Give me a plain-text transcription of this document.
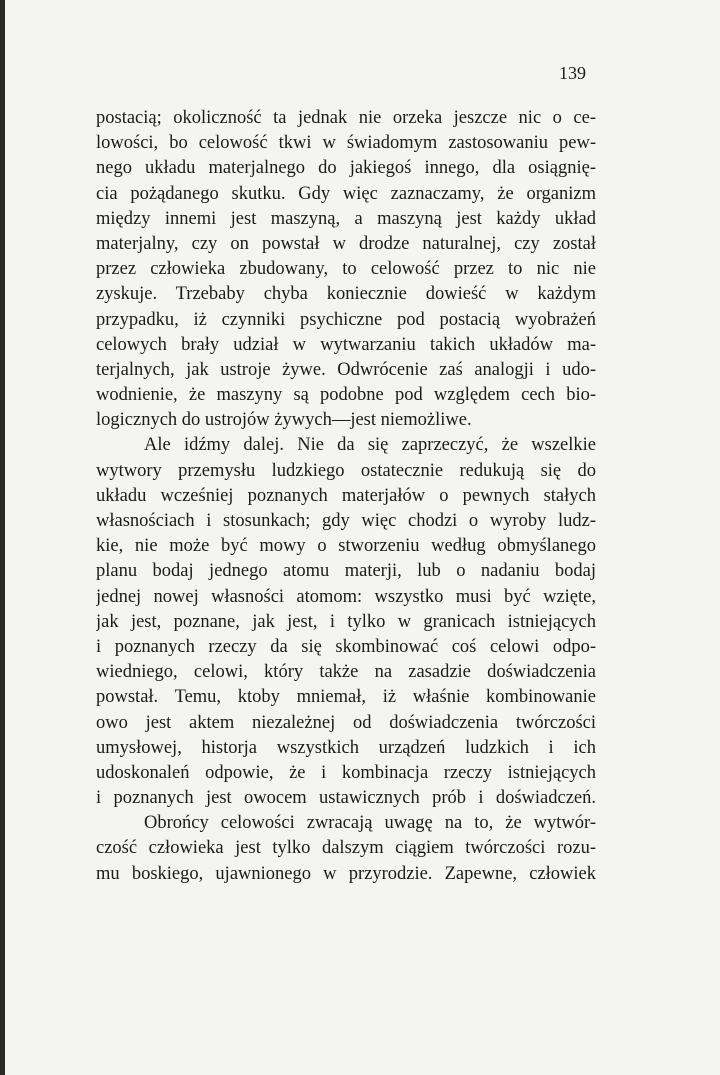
139
postacią; okoliczność ta jednak nie orzeka jeszcze nic o ce-
lowości, bo celowość tkwi w świadomym zastosowaniu pew-
nego układu materjalnego do jakiegoś innego, dla osiągnię-
cia pożądanego skutku. Gdy więc zaznaczamy, że organizm
między innemi jest maszyną, a maszyną jest każdy układ
materjalny, czy on powstał w drodze naturalnej, czy został
przez człowieka zbudowany, to celowość przez to nic nie
zyskuje. Trzebaby chyba koniecznie dowieść w każdym
przypadku, iż czynniki psychiczne pod postacią wyobrażeń
celowych brały udział w wytwarzaniu takich układów ma-
terjalnych, jak ustroje żywe. Odwrócenie zaś analogji i udo-
wodnienie, że maszyny są podobne pod względem cech bio-
logicznych do ustrojów żywych—jest niemożliwe.
Ale idźmy dalej. Nie da się zaprzeczyć, że wszelkie
wytwory przemysłu ludzkiego ostatecznie redukują się do
układu wcześniej poznanych materjałów o pewnych stałych
własnościach i stosunkach; gdy więc chodzi o wyroby ludz-
kie, nie może być mowy o stworzeniu według obmyślanego
planu bodaj jednego atomu materji, lub o nadaniu bodaj
jednej nowej własności atomom: wszystko musi być wzięte,
jak jest, poznane, jak jest, i tylko w granicach istniejących
i poznanych rzeczy da się skombinować coś celowi odpo-
wiedniego, celowi, który także na zasadzie doświadczenia
powstał. Temu, ktoby mniemał, iż właśnie kombinowanie
owo jest aktem niezależnej od doświadczenia twórczości
umysłowej, historja wszystkich urządzeń ludzkich i ich
udoskonaleń odpowie, że i kombinacja rzeczy istniejących
i poznanych jest owocem ustawicznych prób i doświadczeń.
Obrońcy celowości zwracają uwagę na to, że wytwór-
czość człowieka jest tylko dalszym ciągiem twórczości rozu-
mu boskiego, ujawnionego w przyrodzie. Zapewne, człowiek
